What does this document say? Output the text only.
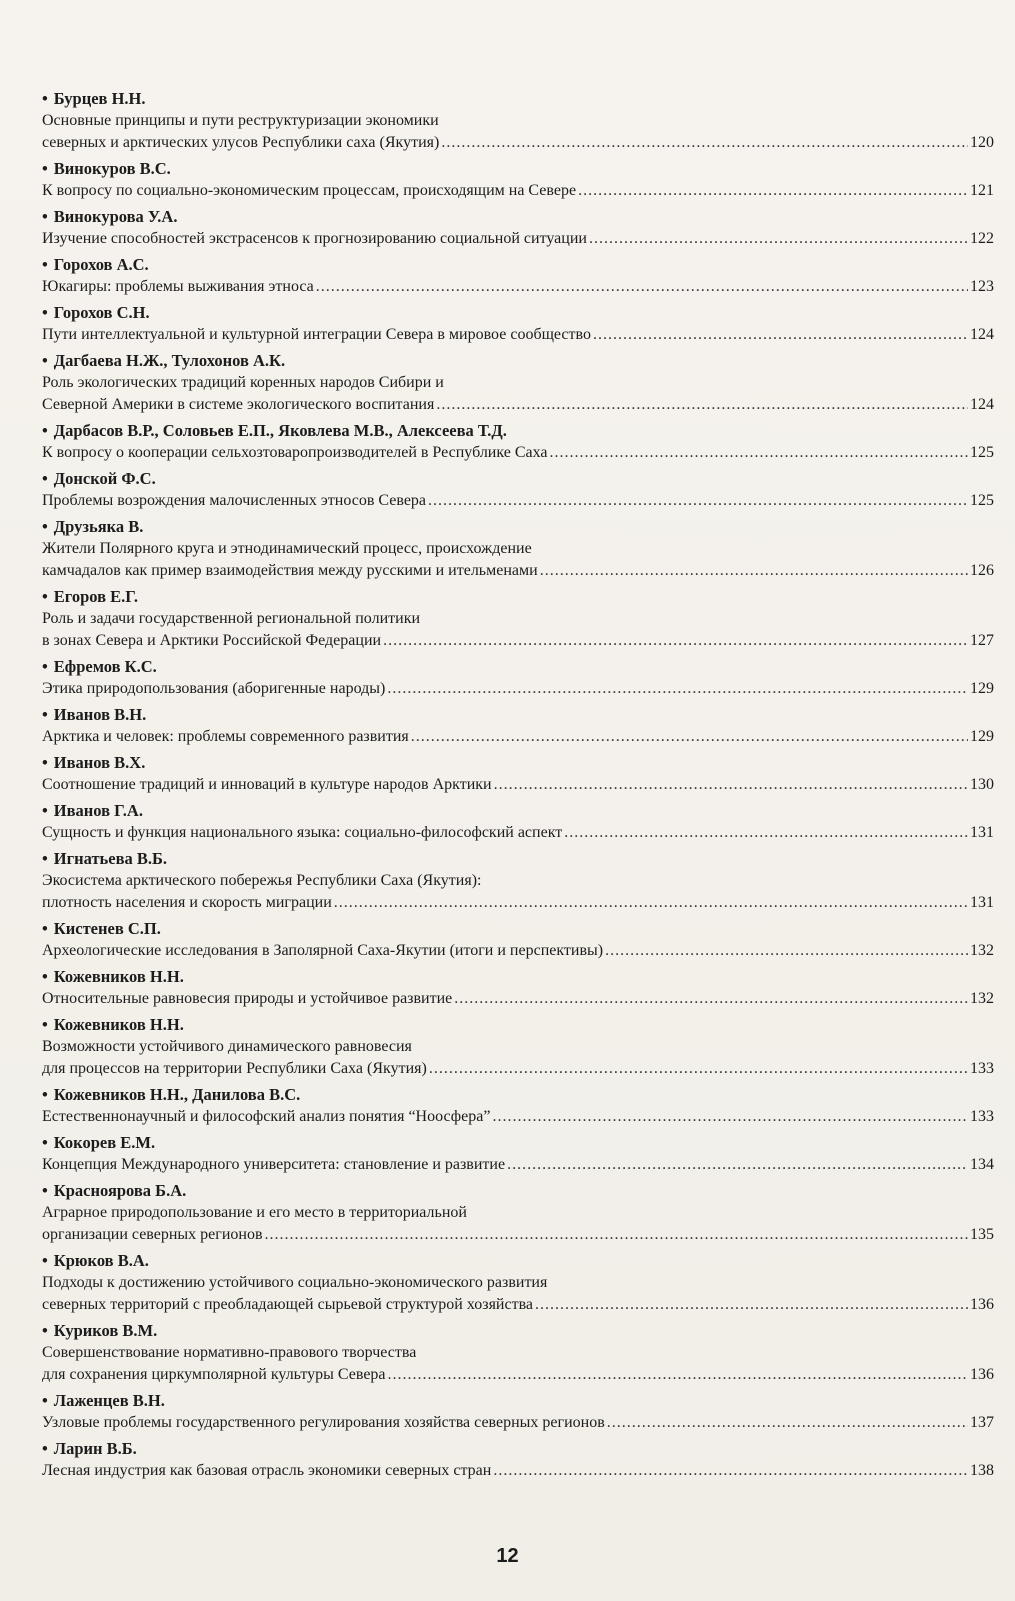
• Бурцев Н.Н.
Основные принципы и пути реструктуризации экономики
северных и арктических улусов Республики саха (Якутия) .....	120
• Винокуров В.С.
К вопросу по социально-экономическим процессам, происходящим на Севере .....	121
• Винокурова У.А.
Изучение способностей экстрасенсов к прогнозированию социальной ситуации .....	122
• Горохов А.С.
Юкагиры: проблемы выживания этноса .....	123
• Горохов С.Н.
Пути интеллектуальной и культурной интеграции Севера в мировое сообщество .....	124
• Дагбаева Н.Ж., Тулохонов А.К.
Роль экологических традиций коренных народов Сибири и
Северной Америки в системе экологического воспитания .....	124
• Дарбасов В.Р., Соловьев Е.П., Яковлева М.В., Алексеева Т.Д.
К вопросу о кооперации сельхозтоваропроизводителей в Республике Саха .....	125
• Донской Ф.С.
Проблемы возрождения малочисленных этносов Севера .....	125
• Друзьяка В.
Жители Полярного круга и этнодинамический процесс, происхождение
камчадалов как пример взаимодействия между русскими и ительменами .....	126
• Егоров Е.Г.
Роль и задачи государственной региональной политики
в зонах Севера и Арктики Российской Федерации .....	127
• Ефремов К.С.
Этика природопользования (аборигенные народы) .....	129
• Иванов В.Н.
Арктика и человек: проблемы современного развития .....	129
• Иванов В.Х.
Соотношение традиций и инноваций в культуре народов Арктики .....	130
• Иванов Г.А.
Сущность и функция национального языка: социально-философский аспект .....	131
• Игнатьева В.Б.
Экосистема арктического побережья Республики Саха (Якутия):
плотность населения и скорость миграции .....	131
• Кистенев С.П.
Археологические исследования в Заполярной Саха-Якутии (итоги и перспективы) .....	132
• Кожевников Н.Н.
Относительные равновесия природы и устойчивое развитие .....	132
• Кожевников Н.Н.
Возможности устойчивого динамического равновесия
для процессов на территории Республики Саха (Якутия) .....	133
• Кожевников Н.Н., Данилова В.С.
Естественнонаучный и философский анализ понятия “Ноосфера” .....	133
• Кокорев Е.М.
Концепция Международного университета: становление и развитие .....	134
• Красноярова Б.А.
Аграрное природопользование и его место в территориальной
организации северных регионов .....	135
• Крюков В.А.
Подходы к достижению устойчивого социально-экономического развития
северных территорий с преобладающей сырьевой структурой хозяйства .....	136
• Куриков В.М.
Совершенствование нормативно-правового творчества
для сохранения циркумполярной культуры Севера .....	136
• Лаженцев В.Н.
Узловые проблемы государственного регулирования хозяйства северных регионов .....	137
• Ларин В.Б.
Лесная индустрия как базовая отрасль экономики северных стран .....	138
12
